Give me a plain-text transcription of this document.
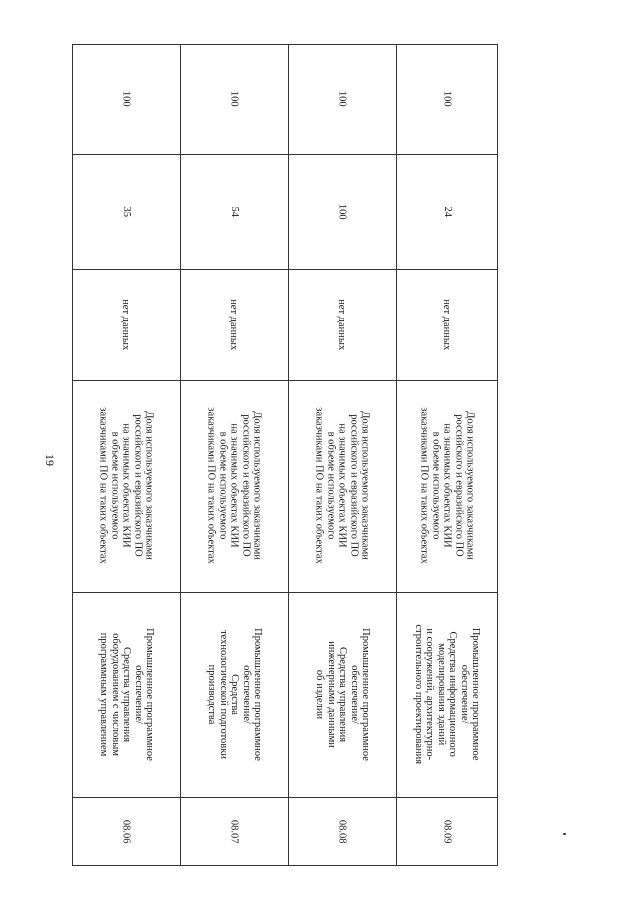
19
100
35
нет данных
Доля используемого заказчиками
российского и евразийского ПО
на значимых объектах КИИ
в объеме используемого
заказчиками ПО на таких объектах
Промышленное программное
обеспечение/
Средства управления
оборудованием с числовым
программным управлением
08.06
100
54
нет данных
Доля используемого заказчиками
российского и евразийского ПО
на значимых объектах КИИ
в объеме используемого
заказчиками ПО на таких объектах
Промышленное программное
обеспечение/
Средства
технологической подготовки
производства
08.07
100
100
нет данных
Доля используемого заказчиками
российского и евразийского ПО
на значимых объектах КИИ
в объеме используемого
заказчиками ПО на таких объектах
Промышленное программное
обеспечение/
Средства управления
инженерными данными
об изделии
08.08
100
24
нет данных
Доля используемого заказчиками
российского и евразийского ПО
на значимых объектах КИИ
в объеме используемого
заказчиками ПО на таких объектах
Промышленное программное
обеспечение/
Средства информационного
моделирования зданий
и сооружений, архитектурно-
строительного проектирования
08.09
